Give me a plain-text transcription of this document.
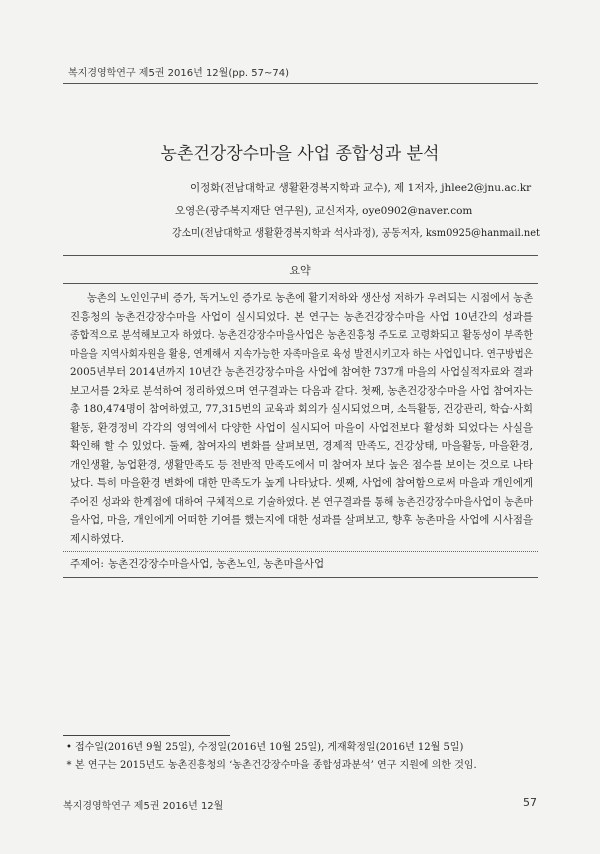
복지경영학연구 제5권 2016년 12월(pp. 57~74)
농촌건강장수마을 사업 종합성과 분석
이정화(전남대학교 생활환경복지학과 교수), 제 1저자, jhlee2@jnu.ac.kr
오영은(광주복지재단 연구원), 교신저자, oye0902@naver.com
강소미(전남대학교 생활환경복지학과 석사과정), 공동저자, ksm0925@hanmail.net
요약
농촌의 노인인구비 증가, 독거노인 증가로 농촌에 활기저하와 생산성 저하가 우려되는 시점에서 농촌
진흥청의 농촌건강장수마을 사업이 실시되었다. 본 연구는 농촌건강장수마을 사업 10년간의 성과를
종합적으로 분석해보고자 하였다. 농촌건강장수마을사업은 농촌진흥청 주도로 고령화되고 활동성이 부족한
마을을 지역사회자원을 활용, 연계해서 지속가능한 자족마을로 육성 발전시키고자 하는 사업입니다. 연구방법은
2005년부터 2014년까지 10년간 농촌건강장수마을 사업에 참여한 737개 마을의 사업실적자료와 결과
보고서를 2차로 분석하여 정리하였으며 연구결과는 다음과 같다. 첫째, 농촌건강장수마을 사업 참여자는
총 180,474명이 참여하였고, 77,315번의 교육과 회의가 실시되었으며, 소득활동, 건강관리, 학습·사회
활동, 환경정비 각각의 영역에서 다양한 사업이 실시되어 마을이 사업전보다 활성화 되었다는 사실을
확인해 할 수 있었다. 둘째, 참여자의 변화를 살펴보면, 경제적 만족도, 건강상태, 마을활동, 마을환경,
개인생활, 농업환경, 생활만족도 등 전반적 만족도에서 미 참여자 보다 높은 점수를 보이는 것으로 나타
났다. 특히 마을환경 변화에 대한 만족도가 높게 나타났다. 셋째, 사업에 참여함으로써 마을과 개인에게
주어진 성과와 한계점에 대하여 구체적으로 기술하였다. 본 연구결과를 통해 농촌건강장수마을사업이 농촌마
을사업, 마을, 개인에게 어떠한 기여를 했는지에 대한 성과를 살펴보고, 향후 농촌마을 사업에 시사점을
제시하였다.
주제어: 농촌건강장수마을사업, 농촌노인, 농촌마을사업
• 접수일(2016년 9월 25일), 수정일(2016년 10월 25일), 게재확정일(2016년 12월 5일)
* 본 연구는 2015년도 농촌진흥청의 ‘농촌건강장수마을 종합성과분석’ 연구 지원에 의한 것임.
복지경영학연구 제5권 2016년 12월	57
